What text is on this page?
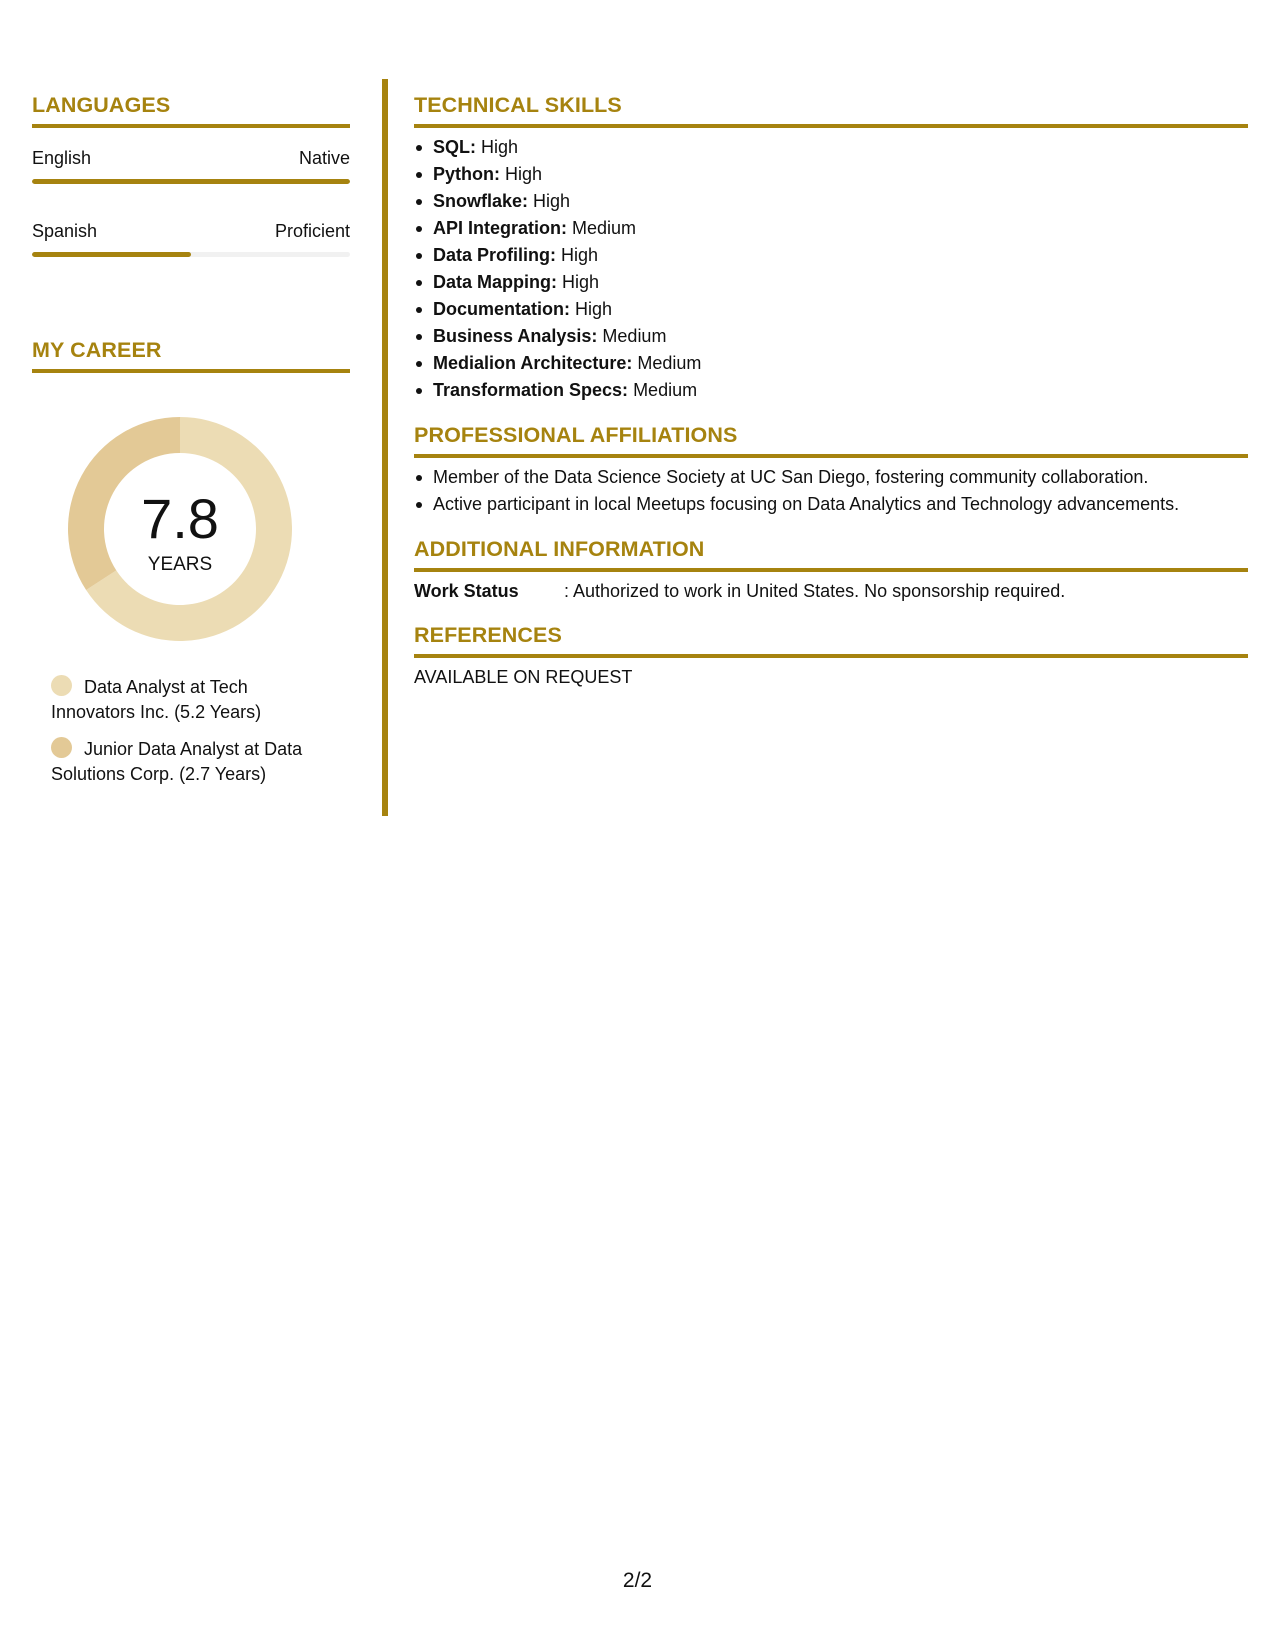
LANGUAGES
English	Native
Spanish	Proficient
MY CAREER
7.8
YEARS
Data Analyst at Tech Innovators Inc. (5.2 Years)
Junior Data Analyst at Data Solutions Corp. (2.7 Years)
TECHNICAL SKILLS
SQL: High
Python: High
Snowflake: High
API Integration: Medium
Data Profiling: High
Data Mapping: High
Documentation: High
Business Analysis: Medium
Medialion Architecture: Medium
Transformation Specs: Medium
PROFESSIONAL AFFILIATIONS
Member of the Data Science Society at UC San Diego, fostering community collaboration.
Active participant in local Meetups focusing on Data Analytics and Technology advancements.
ADDITIONAL INFORMATION
Work Status	: Authorized to work in United States. No sponsorship required.
REFERENCES
AVAILABLE ON REQUEST
2/2
